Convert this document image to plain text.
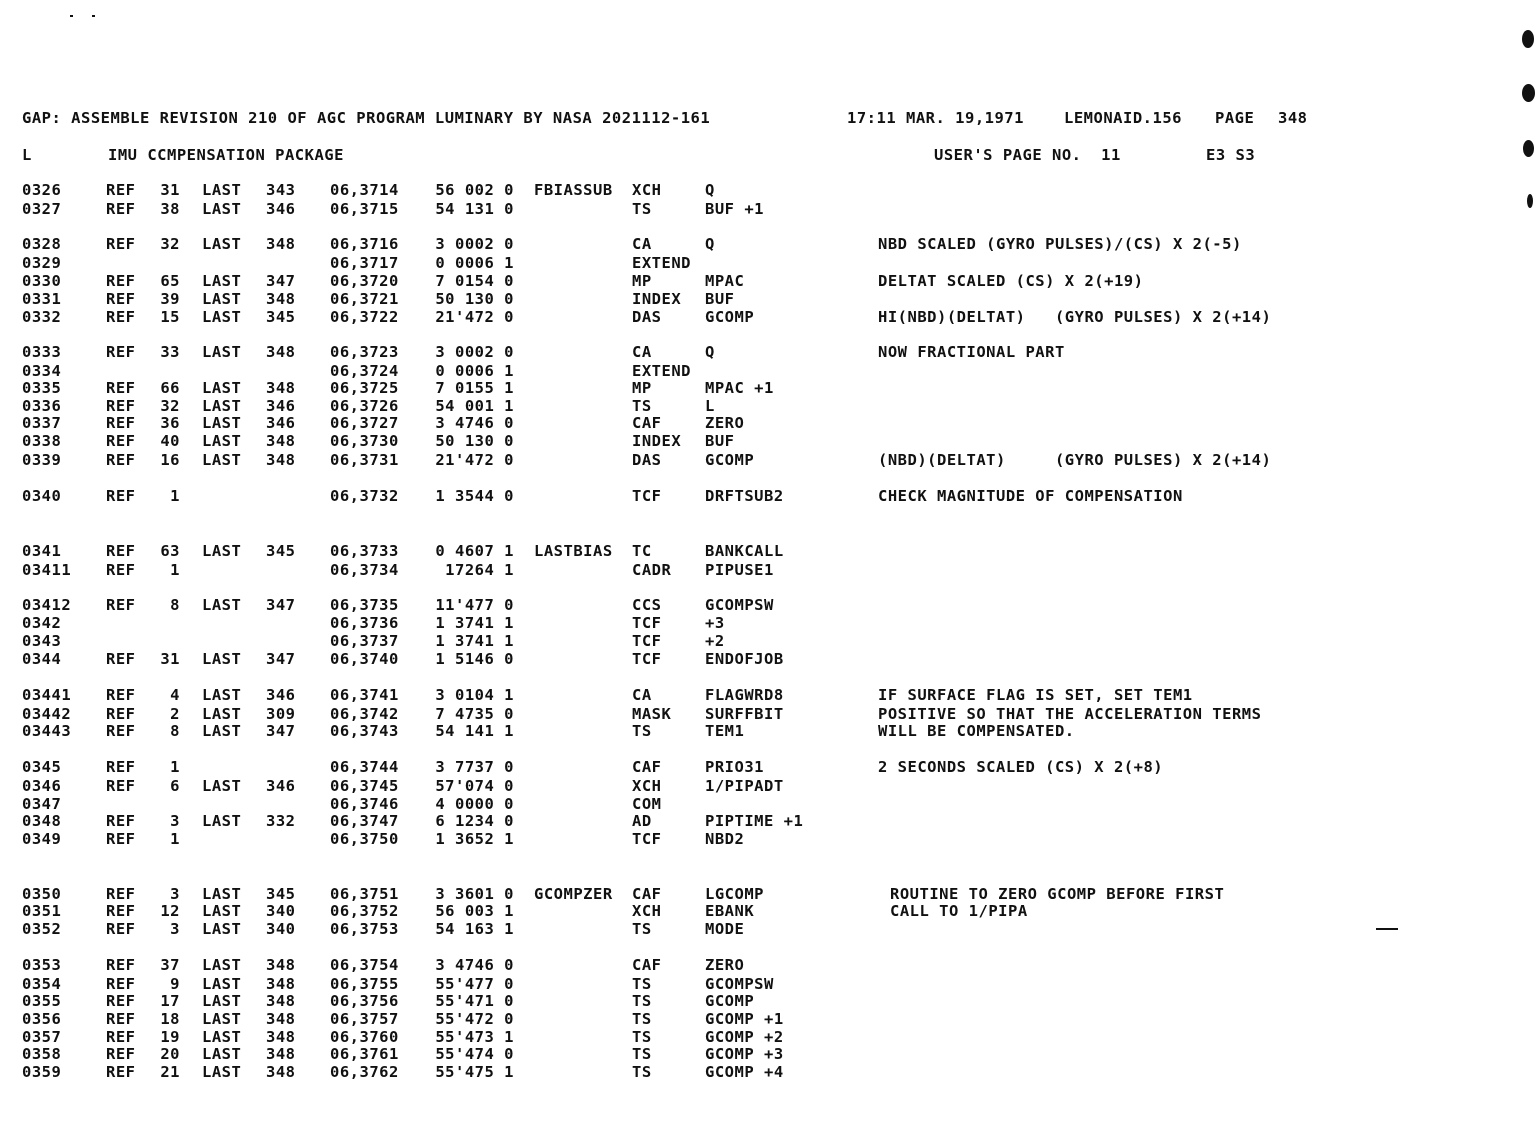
GAP: ASSEMBLE REVISION 210 OF AGC PROGRAM LUMINARY BY NASA 2021112-161

	17:11 MAR. 19,1971

	LEMONAID.156

PAGE

348

L

	IMU CCMPENSATION PACKAGE

	USER'S PAGE NO.  11

	E3 S3

0326	REF	31 LAST 343 06,3714	56 002 0 FBIASSUB XCH	Q
0327	REF	38 LAST 346 06,3715	54 131 0	TS	BUF +1
0328	REF	32 LAST 348 06,3716	3 0002 0	CA	Q	NBD SCALED (GYRO PULSES)/(CS) X 2(-5)
0329	06,3717	0 0006 1	EXTEND
0330	REF	65 LAST 347 06,3720	7 0154 0	MP	MPAC	DELTAT SCALED (CS) X 2(+19)
0331	REF	39 LAST 348 06,3721	50 130 0	INDEX BUF
0332	REF	15 LAST 345 06,3722	21'472 0	DAS	GCOMP	HI(NBD)(DELTAT)   (GYRO PULSES) X 2(+14)
0333	REF	33 LAST 348 06,3723	3 0002 0	CA	Q	NOW FRACTIONAL PART
0334	06,3724	0 0006 1	EXTEND
0335	REF	66 LAST 348 06,3725	7 0155 1	MP	MPAC +1
0336	REF	32 LAST 346 06,3726	54 001 1	TS	L
0337	REF	36 LAST 346 06,3727	3 4746 0	CAF	ZERO
0338	REF	40 LAST 348 06,3730	50 130 0	INDEX BUF
0339	REF	16 LAST 348 06,3731	21'472 0	DAS	GCOMP	(NBD)(DELTAT)     (GYRO PULSES) X 2(+14)
0340	REF	1	06,3732	1 3544 0	TCF	DRFTSUB2	CHECK MAGNITUDE OF COMPENSATION
0341	REF	63 LAST 345 06,3733	0 4607 1 LASTBIAS TC	BANKCALL
03411 REF	1	06,3734	17264 1	CADR PIPUSE1
03412 REF	8 LAST 347 06,3735	11'477 0	CCS	GCOMPSW
0342	06,3736	1 3741 1	TCF	+3
0343	06,3737	1 3741 1	TCF	+2
0344	REF	31 LAST 347 06,3740	1 5146 0	TCF	ENDOFJOB
03441 REF	4 LAST 346 06,3741	3 0104 1	CA	FLAGWRD8	IF SURFACE FLAG IS SET, SET TEM1
03442 REF	2 LAST 309 06,3742	7 4735 0	MASK SURFFBIT	POSITIVE SO THAT THE ACCELERATION TERMS
03443 REF	8 LAST 347 06,3743	54 141 1	TS	TEM1	WILL BE COMPENSATED.
0345	REF	1	06,3744	3 7737 0	CAF	PRIO31	2 SECONDS SCALED (CS) X 2(+8)
0346	REF	6 LAST 346 06,3745	57'074 0	XCH	1/PIPADT
0347	06,3746	4 0000 0	COM
0348	REF	3 LAST 332 06,3747	6 1234 0	AD	PIPTIME +1
0349	REF	1	06,3750	1 3652 1	TCF	NBD2
0350	REF	3 LAST 345 06,3751	3 3601 0 GCOMPZER CAF	LGCOMP	ROUTINE TO ZERO GCOMP BEFORE FIRST
0351	REF	12 LAST 340 06,3752	56 003 1	XCH	EBANK	CALL TO 1/PIPA
0352	REF	3 LAST 340 06,3753	54 163 1	TS	MODE
0353	REF	37 LAST 348 06,3754	3 4746 0	CAF	ZERO
0354	REF	9 LAST 348 06,3755	55'477 0	TS	GCOMPSW
0355	REF	17 LAST 348 06,3756	55'471 0	TS	GCOMP
0356	REF	18 LAST 348 06,3757	55'472 0	TS	GCOMP +1
0357	REF	19 LAST 348 06,3760	55'473 1	TS	GCOMP +2
0358	REF	20 LAST 348 06,3761	55'474 0	TS	GCOMP +3
0359	REF	21 LAST 348 06,3762	55'475 1	TS	GCOMP +4
